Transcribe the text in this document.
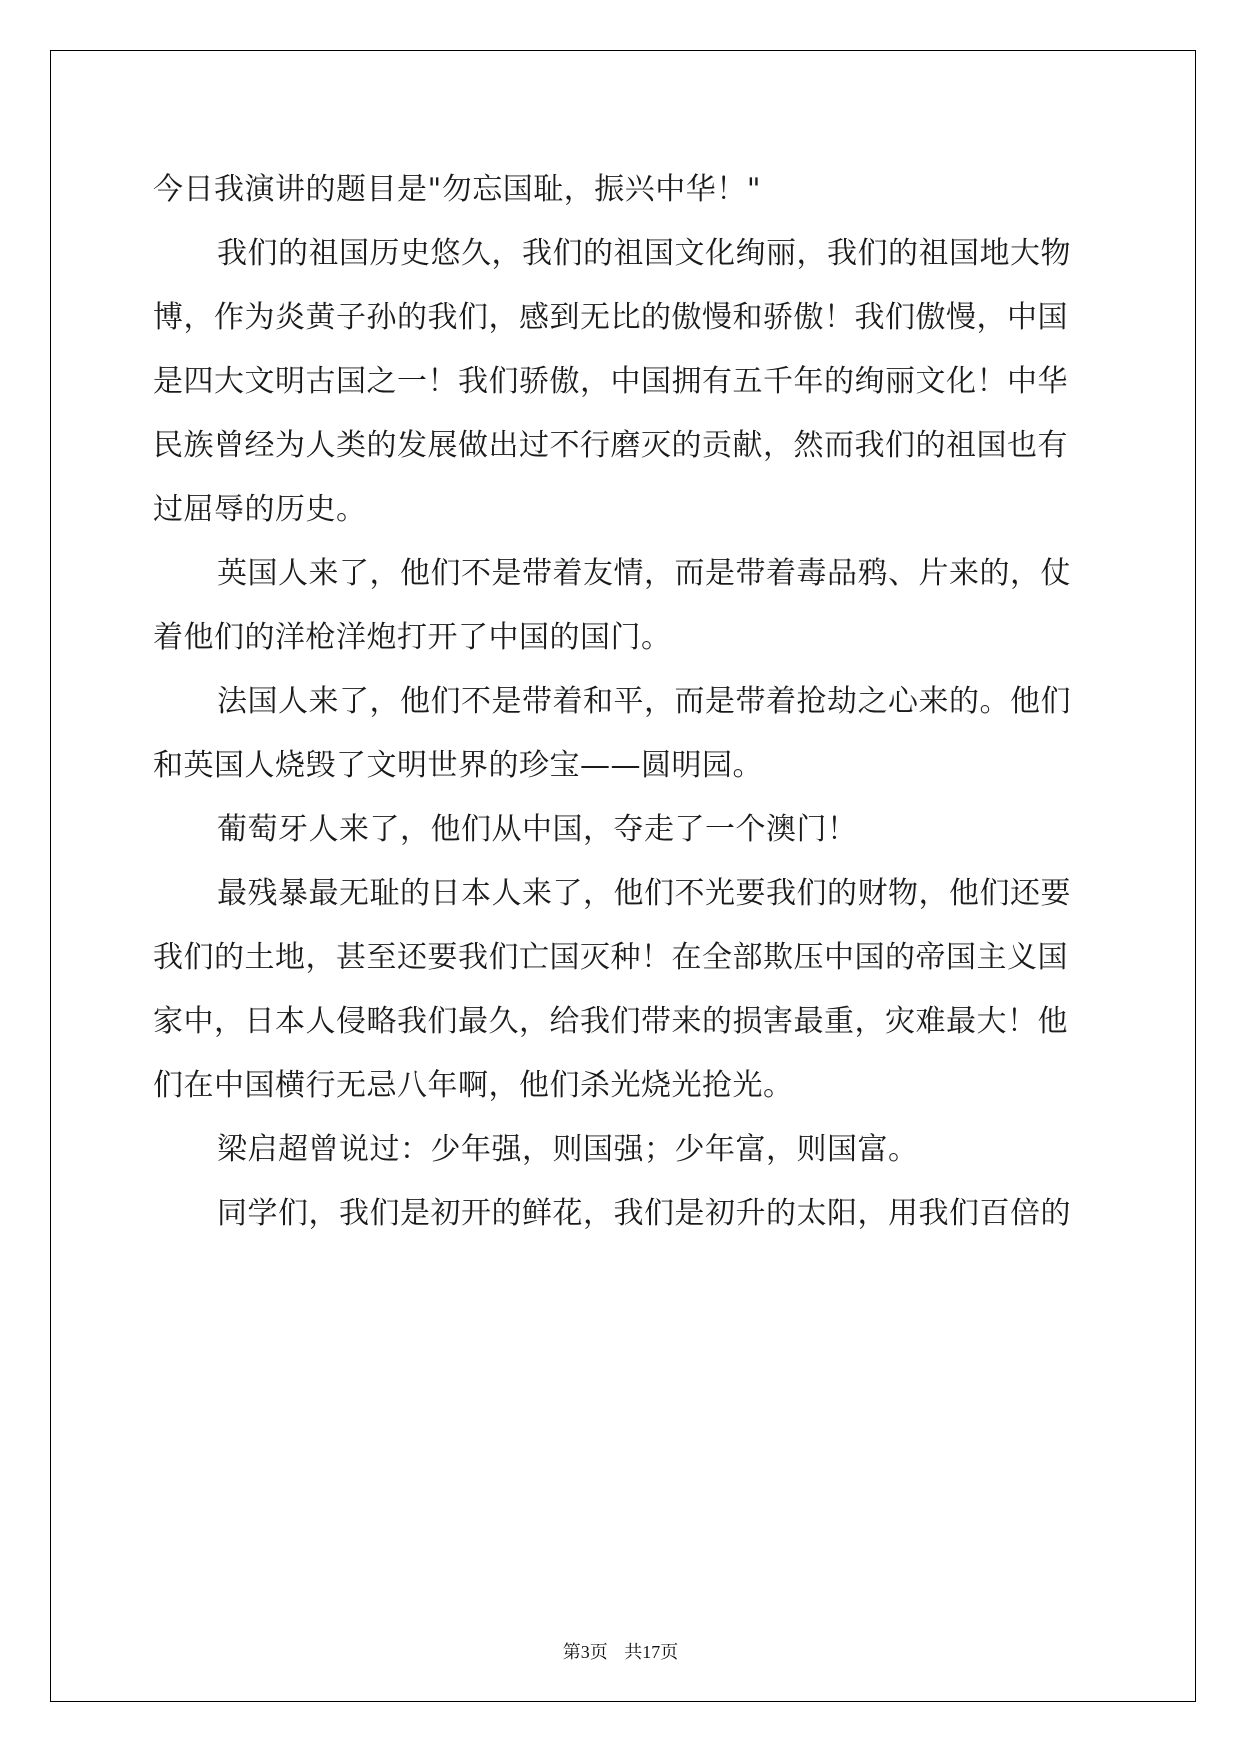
今日我演讲的题目是"勿忘国耻，振兴中华！"
我们的祖国历史悠久，我们的祖国文化绚丽，我们的祖国地大物
博，作为炎黄子孙的我们，感到无比的傲慢和骄傲！我们傲慢，中国
是四大文明古国之一！我们骄傲，中国拥有五千年的绚丽文化！中华
民族曾经为人类的发展做出过不行磨灭的贡献，然而我们的祖国也有
过屈辱的历史。
英国人来了，他们不是带着友情，而是带着毒品鸦、片来的，仗
着他们的洋枪洋炮打开了中国的国门。
法国人来了，他们不是带着和平，而是带着抢劫之心来的。他们
和英国人烧毁了文明世界的珍宝——圆明园。
葡萄牙人来了，他们从中国，夺走了一个澳门！
最残暴最无耻的日本人来了，他们不光要我们的财物，他们还要
我们的土地，甚至还要我们亡国灭种！在全部欺压中国的帝国主义国
家中，日本人侵略我们最久，给我们带来的损害最重，灾难最大！他
们在中国横行无忌八年啊，他们杀光烧光抢光。
梁启超曾说过：少年强，则国强；少年富，则国富。
同学们，我们是初开的鲜花，我们是初升的太阳，用我们百倍的
第3页 共17页
